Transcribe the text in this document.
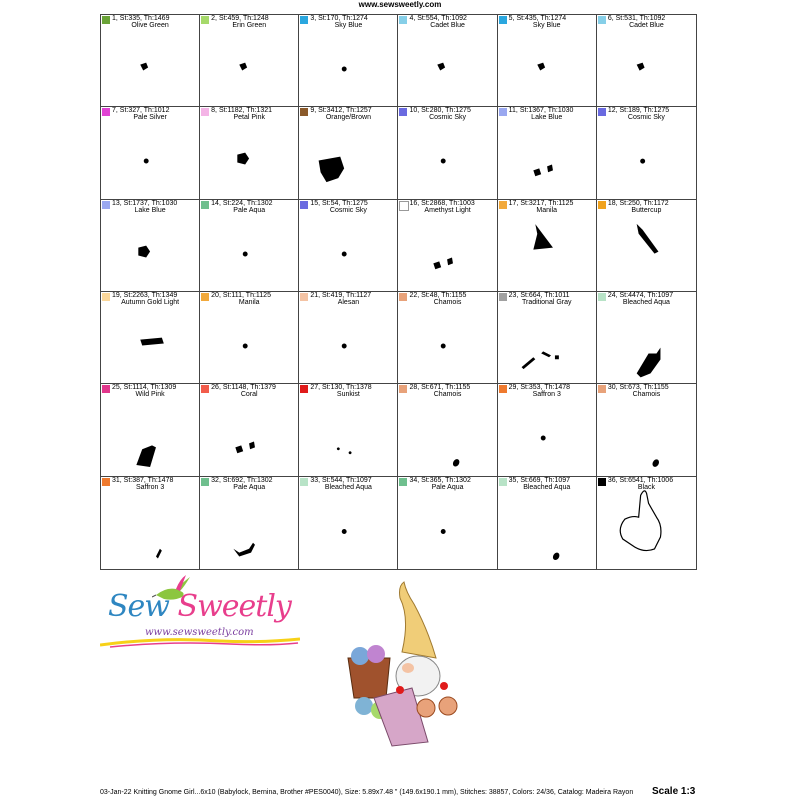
www.sewsweetly.com
1, St:335, Th:1469
Olive Green
2, St:459, Th:1248
Erin Green
3, St:170, Th:1274
Sky Blue
4, St:554, Th:1092
Cadet Blue
5, St:435, Th:1274
Sky Blue
6, St:531, Th:1092
Cadet Blue
7, St:327, Th:1012
Pale Silver
8, St:1182, Th:1321
Petal Pink
9, St:3412, Th:1257
Orange/Brown
10, St:280, Th:1275
Cosmic Sky
11, St:1367, Th:1030
Lake Blue
12, St:189, Th:1275
Cosmic Sky
13, St:1737, Th:1030
Lake Blue
14, St:224, Th:1302
Pale Aqua
15, St:54, Th:1275
Cosmic Sky
16, St:2868, Th:1003
Amethyst Light
17, St:3217, Th:1125
Manila
18, St:250, Th:1172
Buttercup
19, St:2263, Th:1349
Autumn Gold Light
20, St:111, Th:1125
Manila
21, St:419, Th:1127
Alesan
22, St:48, Th:1155
Chamois
23, St:664, Th:1011
Traditional Gray
24, St:4474, Th:1097
Bleached Aqua
25, St:1114, Th:1309
Wild Pink
26, St:1148, Th:1379
Coral
27, St:130, Th:1378
Sunkist
28, St:671, Th:1155
Chamois
29, St:353, Th:1478
Saffron 3
30, St:673, Th:1155
Chamois
31, St:387, Th:1478
Saffron 3
32, St:692, Th:1302
Pale Aqua
33, St:544, Th:1097
Bleached Aqua
34, St:365, Th:1302
Pale Aqua
35, St:669, Th:1097
Bleached Aqua
36, St:6541, Th:1006
Black
Sew Sweetly
www.sewsweetly.com
03-Jan-22 Knitting Gnome Girl...6x10 (Babylock, Bernina, Brother #PES0040), Size: 5.89x7.48 " (149.6x190.1 mm), Stitches: 38857, Colors: 24/36, Catalog: Madeira Rayon	Scale 1:3
